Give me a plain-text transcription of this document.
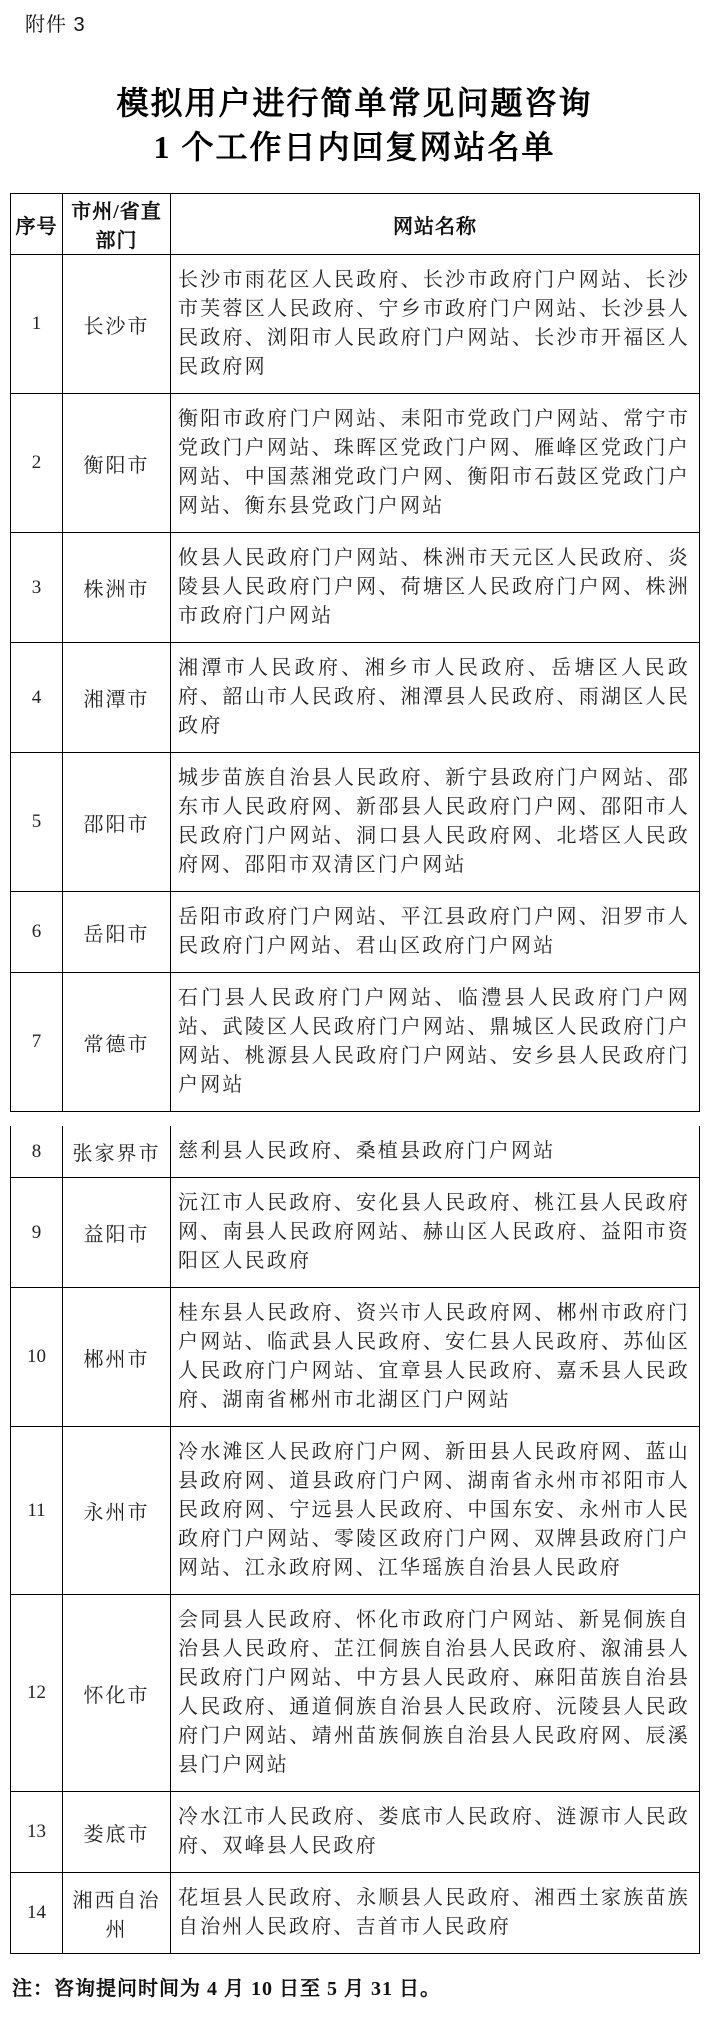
附件 3
模拟用户进行简单常见问题咨询
1 个工作日内回复网站名单
序号	市州/省直部门	网站名称
1	长沙市	长沙市雨花区人民政府、长沙市政府门户网站、长沙市芙蓉区人民政府、宁乡市政府门户网站、长沙县人民政府、浏阳市人民政府门户网站、长沙市开福区人民政府网
2	衡阳市	衡阳市政府门户网站、耒阳市党政门户网站、常宁市党政门户网站、珠晖区党政门户网、雁峰区党政门户网站、中国蒸湘党政门户网、衡阳市石鼓区党政门户网站、衡东县党政门户网站
3	株洲市	攸县人民政府门户网站、株洲市天元区人民政府、炎陵县人民政府门户网、荷塘区人民政府门户网、株洲市政府门户网站
4	湘潭市	湘潭市人民政府、湘乡市人民政府、岳塘区人民政府、韶山市人民政府、湘潭县人民政府、雨湖区人民政府
5	邵阳市	城步苗族自治县人民政府、新宁县政府门户网站、邵东市人民政府网、新邵县人民政府门户网、邵阳市人民政府门户网站、洞口县人民政府网、北塔区人民政府网、邵阳市双清区门户网站
6	岳阳市	岳阳市政府门户网站、平江县政府门户网、汨罗市人民政府门户网站、君山区政府门户网站
7	常德市	石门县人民政府门户网站、临澧县人民政府门户网站、武陵区人民政府门户网站、鼎城区人民政府门户网站、桃源县人民政府门户网站、安乡县人民政府门户网站
8	张家界市	慈利县人民政府、桑植县政府门户网站
9	益阳市	沅江市人民政府、安化县人民政府、桃江县人民政府网、南县人民政府网站、赫山区人民政府、益阳市资阳区人民政府
10	郴州市	桂东县人民政府、资兴市人民政府网、郴州市政府门户网站、临武县人民政府、安仁县人民政府、苏仙区人民政府门户网站、宜章县人民政府、嘉禾县人民政府、湖南省郴州市北湖区门户网站
11	永州市	冷水滩区人民政府门户网、新田县人民政府网、蓝山县政府网、道县政府门户网、湖南省永州市祁阳市人民政府网、宁远县人民政府、中国东安、永州市人民政府门户网站、零陵区政府门户网、双牌县政府门户网站、江永政府网、江华瑶族自治县人民政府
12	怀化市	会同县人民政府、怀化市政府门户网站、新晃侗族自治县人民政府、芷江侗族自治县人民政府、溆浦县人民政府门户网站、中方县人民政府、麻阳苗族自治县人民政府、通道侗族自治县人民政府、沅陵县人民政府门户网站、靖州苗族侗族自治县人民政府网、辰溪县门户网站
13	娄底市	冷水江市人民政府、娄底市人民政府、涟源市人民政府、双峰县人民政府
14	湘西自治州	花垣县人民政府、永顺县人民政府、湘西土家族苗族自治州人民政府、吉首市人民政府
注：咨询提问时间为 4 月 10 日至 5 月 31 日。
